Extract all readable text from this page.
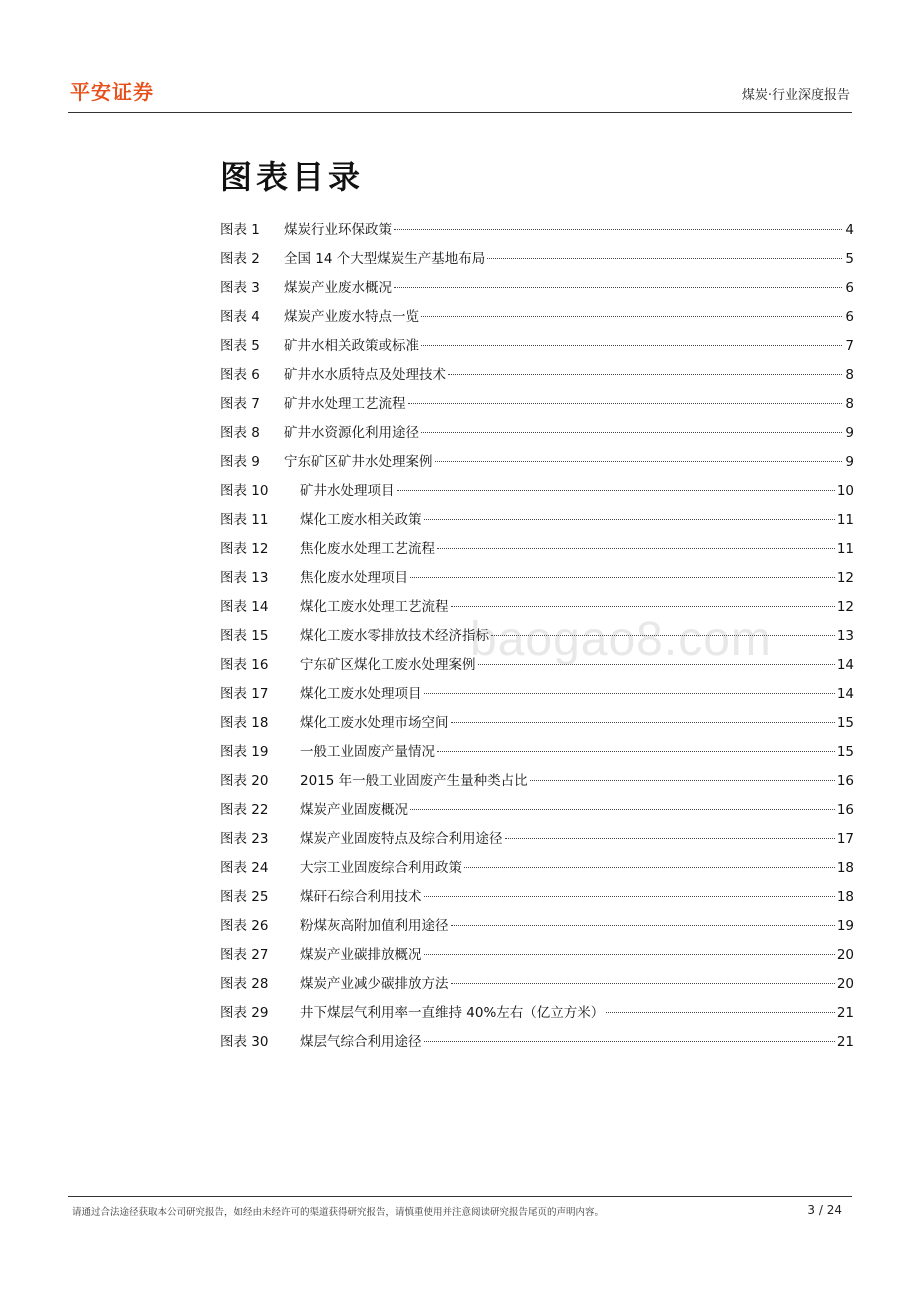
平安证券	煤炭·行业深度报告
图表目录
图表 1	煤炭行业环保政策	4
图表 2	全国 14 个大型煤炭生产基地布局	5
图表 3	煤炭产业废水概况	6
图表 4	煤炭产业废水特点一览	6
图表 5	矿井水相关政策或标准	7
图表 6	矿井水水质特点及处理技术	8
图表 7	矿井水处理工艺流程	8
图表 8	矿井水资源化利用途径	9
图表 9	宁东矿区矿井水处理案例	9
图表 10	矿井水处理项目	10
图表 11	煤化工废水相关政策	11
图表 12	焦化废水处理工艺流程	11
图表 13	焦化废水处理项目	12
图表 14	煤化工废水处理工艺流程	12
图表 15	煤化工废水零排放技术经济指标	13
图表 16	宁东矿区煤化工废水处理案例	14
图表 17	煤化工废水处理项目	14
图表 18	煤化工废水处理市场空间	15
图表 19	一般工业固废产量情况	15
图表 20	2015 年一般工业固废产生量种类占比	16
图表 22	煤炭产业固废概况	16
图表 23	煤炭产业固废特点及综合利用途径	17
图表 24	大宗工业固废综合利用政策	18
图表 25	煤矸石综合利用技术	18
图表 26	粉煤灰高附加值利用途径	19
图表 27	煤炭产业碳排放概况	20
图表 28	煤炭产业减少碳排放方法	20
图表 29	井下煤层气利用率一直维持 40%左右（亿立方米）	21
图表 30	煤层气综合利用途径	21
baogao8.com
请通过合法途径获取本公司研究报告，如经由未经许可的渠道获得研究报告，请慎重使用并注意阅读研究报告尾页的声明内容。	3 / 24
